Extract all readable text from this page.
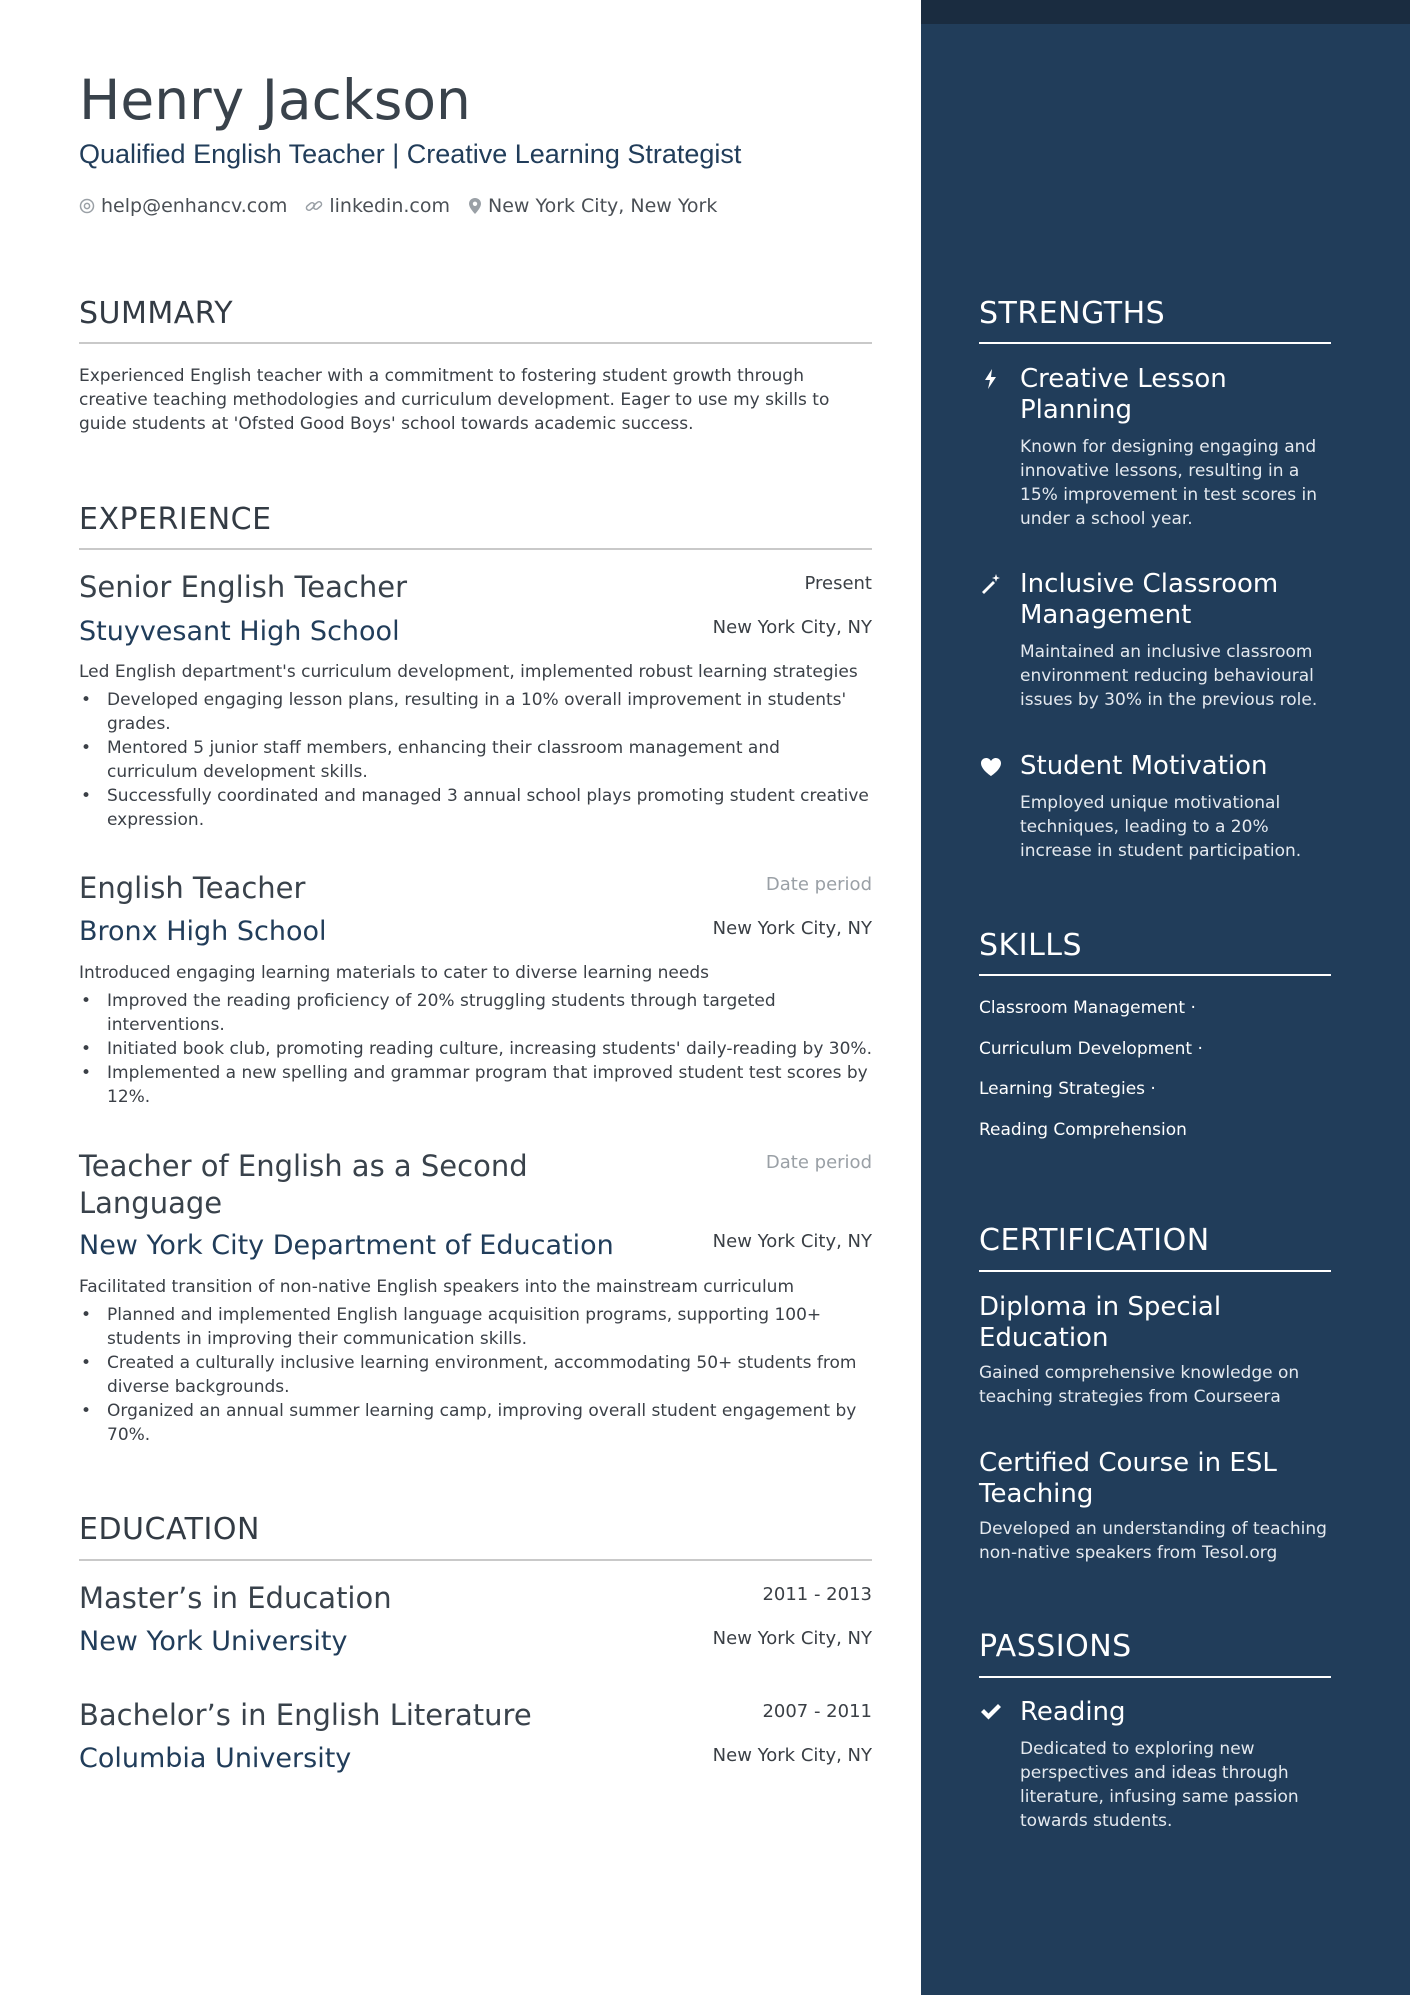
Henry Jackson
Qualified English Teacher | Creative Learning Strategist
help@enhancv.com linkedin.com New York City, New York
SUMMARY

Experienced English teacher with a commitment to fostering student growth through creative teaching methodologies and curriculum development. Eager to use my skills to guide students at 'Ofsted Good Boys' school towards academic success.

EXPERIENCE
Senior English Teacher	Present
Stuyvesant High School	New York City, NY

Led English department's curriculum development, implemented robust learning strategies

• Developed engaging lesson plans, resulting in a 10% overall improvement in students' grades.
• Mentored 5 junior staff members, enhancing their classroom management and curriculum development skills.
• Successfully coordinated and managed 3 annual school plays promoting student creative expression.
English Teacher	Date period
Bronx High School	New York City, NY

Introduced engaging learning materials to cater to diverse learning needs

• Improved the reading proficiency of 20% struggling students through targeted interventions.
• Initiated book club, promoting reading culture, increasing students' daily-reading by 30%.
• Implemented a new spelling and grammar program that improved student test scores by 12%.
Teacher of English as a Second Language
Date period
New York City Department of Education	New York City, NY

Facilitated transition of non-native English speakers into the mainstream curriculum

• Planned and implemented English language acquisition programs, supporting 100+ students in improving their communication skills.
• Created a culturally inclusive learning environment, accommodating 50+ students from diverse backgrounds.
• Organized an annual summer learning camp, improving overall student engagement by 70%.
EDUCATION
Master’s in Education	2011 - 2013
New York University	New York City, NY
Bachelor’s in English Literature	2007 - 2011
Columbia University	New York City, NY
STRENGTHS
Creative Lesson Planning

Known for designing engaging and innovative lessons, resulting in a 15% improvement in test scores in under a school year.

Inclusive Classroom Management

Maintained an inclusive classroom environment reducing behavioural issues by 30% in the previous role.

Student Motivation

Employed unique motivational techniques, leading to a 20% increase in student participation.

SKILLS
Classroom Management ·
Curriculum Development ·
Learning Strategies ·
Reading Comprehension
CERTIFICATION
Diploma in Special Education

Gained comprehensive knowledge on teaching strategies from Courseera

Certified Course in ESL Teaching

Developed an understanding of teaching non-native speakers from Tesol.org

PASSIONS
Reading

Dedicated to exploring new perspectives and ideas through literature, infusing same passion towards students.
